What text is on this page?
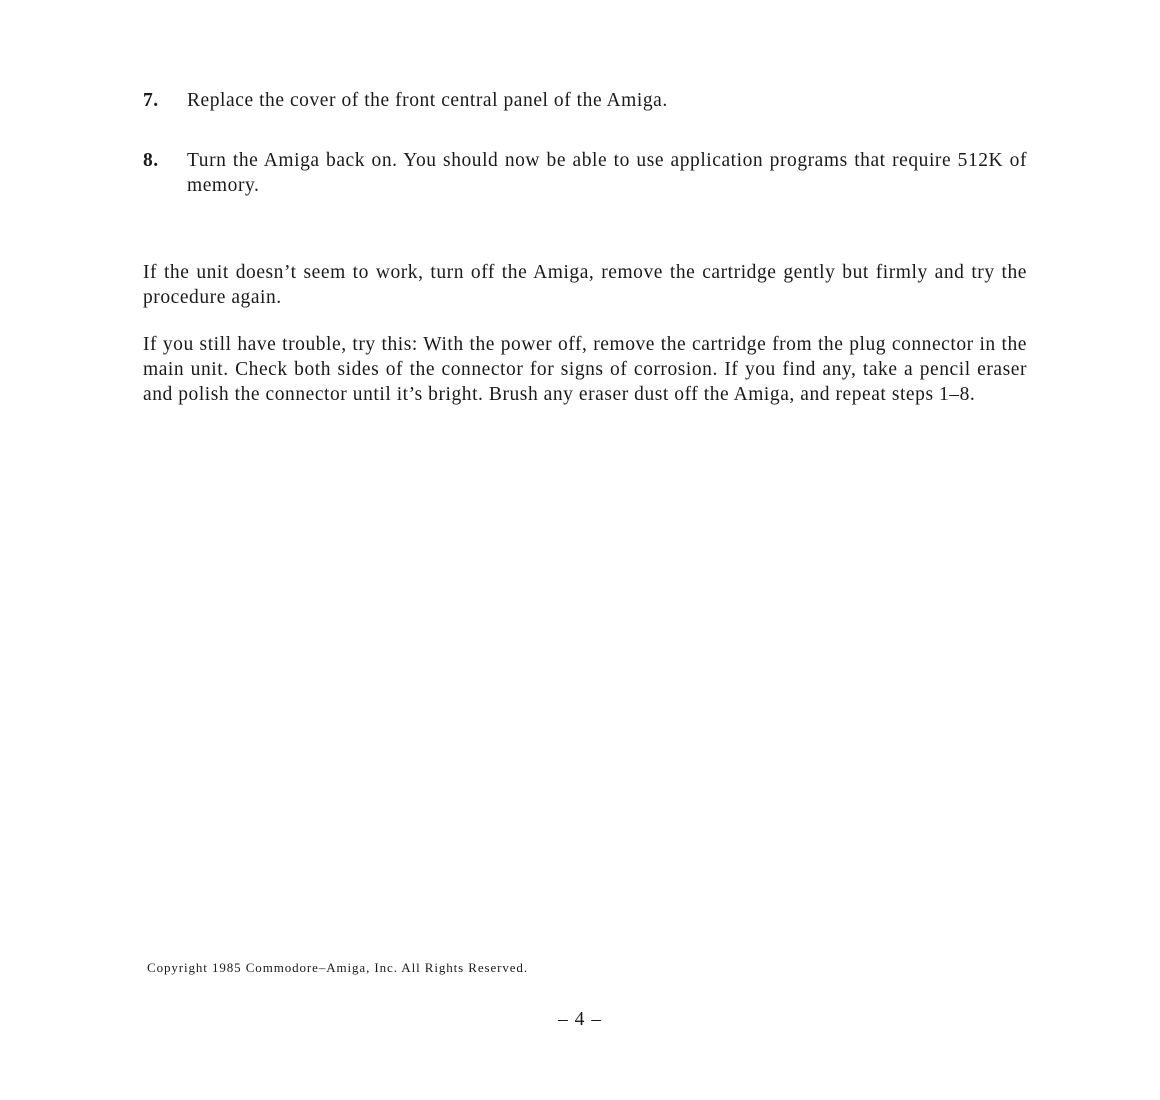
7. Replace the cover of the front central panel of the Amiga.
8. Turn the Amiga back on. You should now be able to use application programs that require 512K of memory.

If the unit doesn’t seem to work, turn off the Amiga, remove the cartridge gently but firmly and try the procedure again.

If you still have trouble, try this: With the power off, remove the cartridge from the plug connector in the main unit. Check both sides of the connector for signs of corrosion. If you find any, take a pencil eraser and polish the connector until it’s bright. Brush any eraser dust off the Amiga, and repeat steps 1–8.

Copyright 1985 Commodore–Amiga, Inc. All Rights Reserved.
– 4 –
